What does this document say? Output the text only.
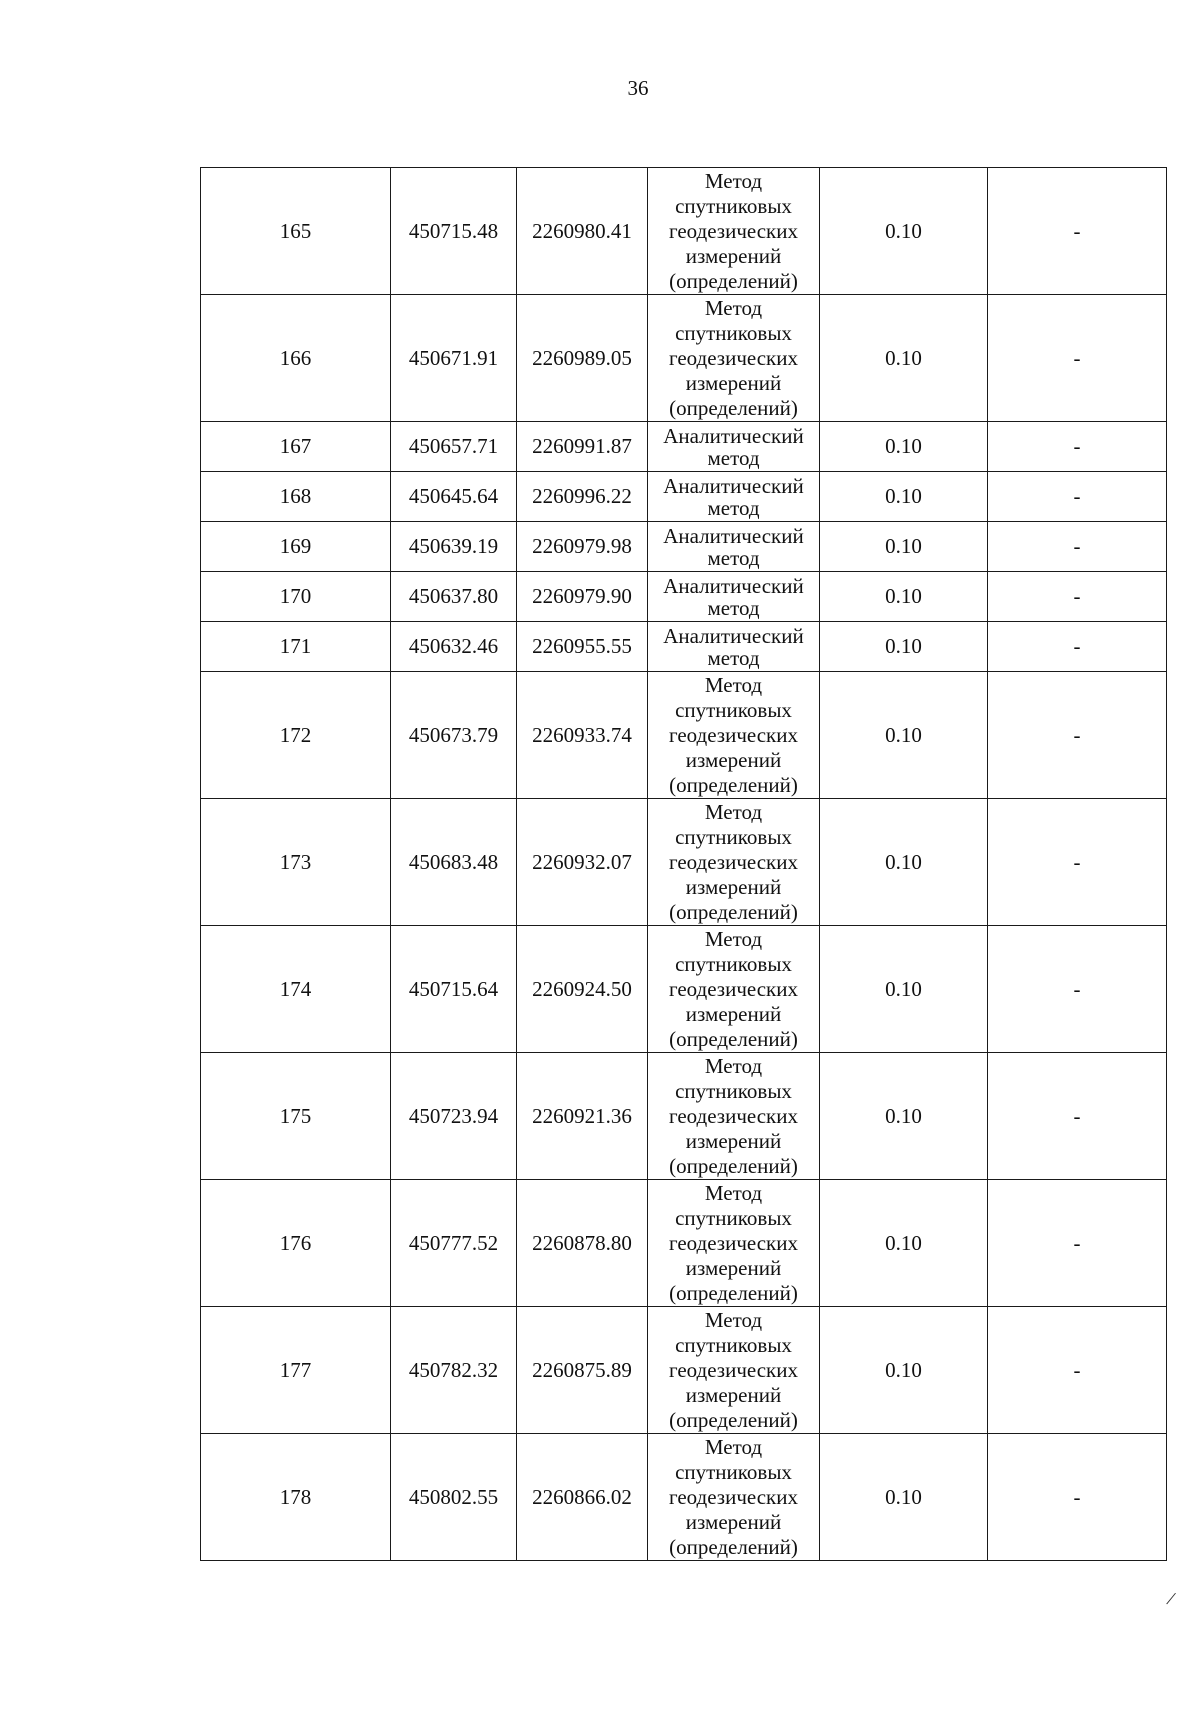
36
165	450715.48	2260980.41	Метод спутниковых геодезических измерений (определений)	0.10	-
166	450671.91	2260989.05	Метод спутниковых геодезических измерений (определений)	0.10	-
167	450657.71	2260991.87	Аналитический метод	0.10	-
168	450645.64	2260996.22	Аналитический метод	0.10	-
169	450639.19	2260979.98	Аналитический метод	0.10	-
170	450637.80	2260979.90	Аналитический метод	0.10	-
171	450632.46	2260955.55	Аналитический метод	0.10	-
172	450673.79	2260933.74	Метод спутниковых геодезических измерений (определений)	0.10	-
173	450683.48	2260932.07	Метод спутниковых геодезических измерений (определений)	0.10	-
174	450715.64	2260924.50	Метод спутниковых геодезических измерений (определений)	0.10	-
175	450723.94	2260921.36	Метод спутниковых геодезических измерений (определений)	0.10	-
176	450777.52	2260878.80	Метод спутниковых геодезических измерений (определений)	0.10	-
177	450782.32	2260875.89	Метод спутниковых геодезических измерений (определений)	0.10	-
178	450802.55	2260866.02	Метод спутниковых геодезических измерений (определений)	0.10	-
/
